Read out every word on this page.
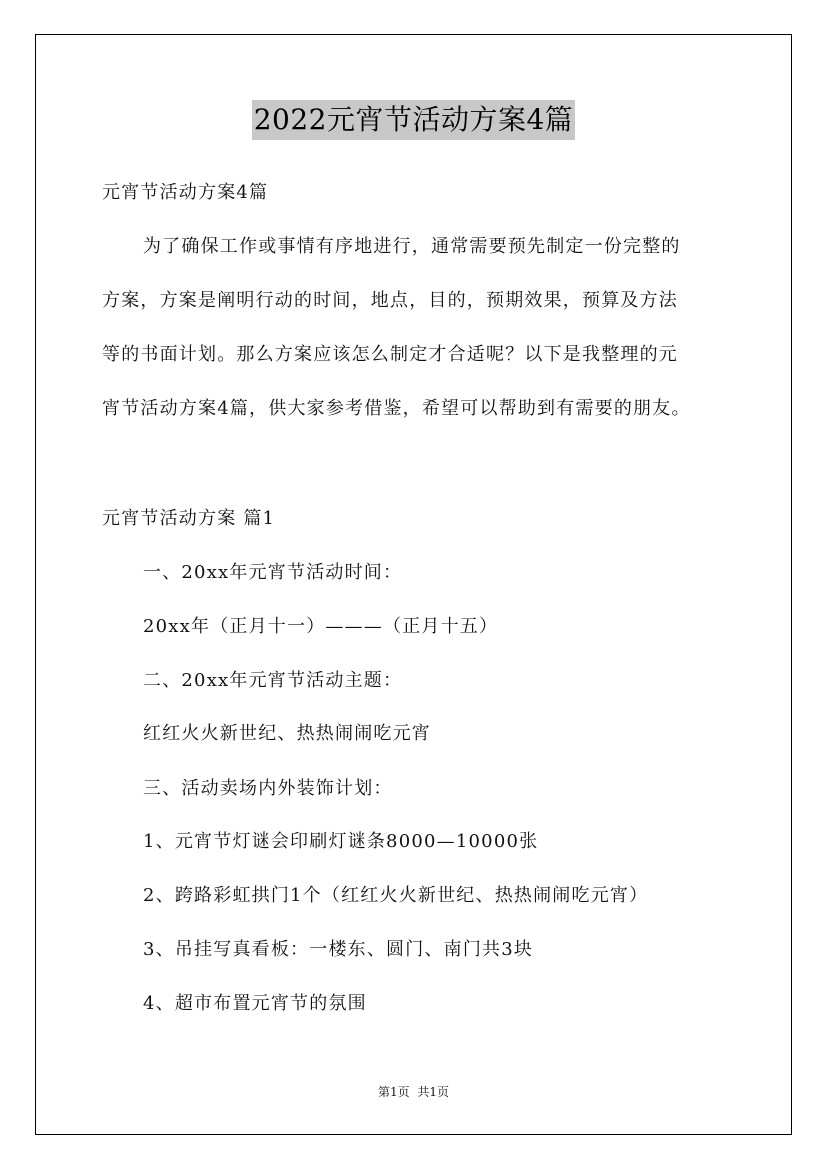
2022元宵节活动方案4篇
元宵节活动方案4篇
为了确保工作或事情有序地进行，通常需要预先制定一份完整的
方案，方案是阐明行动的时间，地点，目的，预期效果，预算及方法
等的书面计划。那么方案应该怎么制定才合适呢？以下是我整理的元
宵节活动方案4篇，供大家参考借鉴，希望可以帮助到有需要的朋友。
元宵节活动方案 篇1
一、20xx年元宵节活动时间：
20xx年（正月十一）———（正月十五）
二、20xx年元宵节活动主题：
红红火火新世纪、热热闹闹吃元宵
三、活动卖场内外装饰计划：
1、元宵节灯谜会印刷灯谜条8000—10000张
2、跨路彩虹拱门1个（红红火火新世纪、热热闹闹吃元宵）
3、吊挂写真看板：一楼东、圆门、南门共3块
4、超市布置元宵节的氛围
第1页 共1页
